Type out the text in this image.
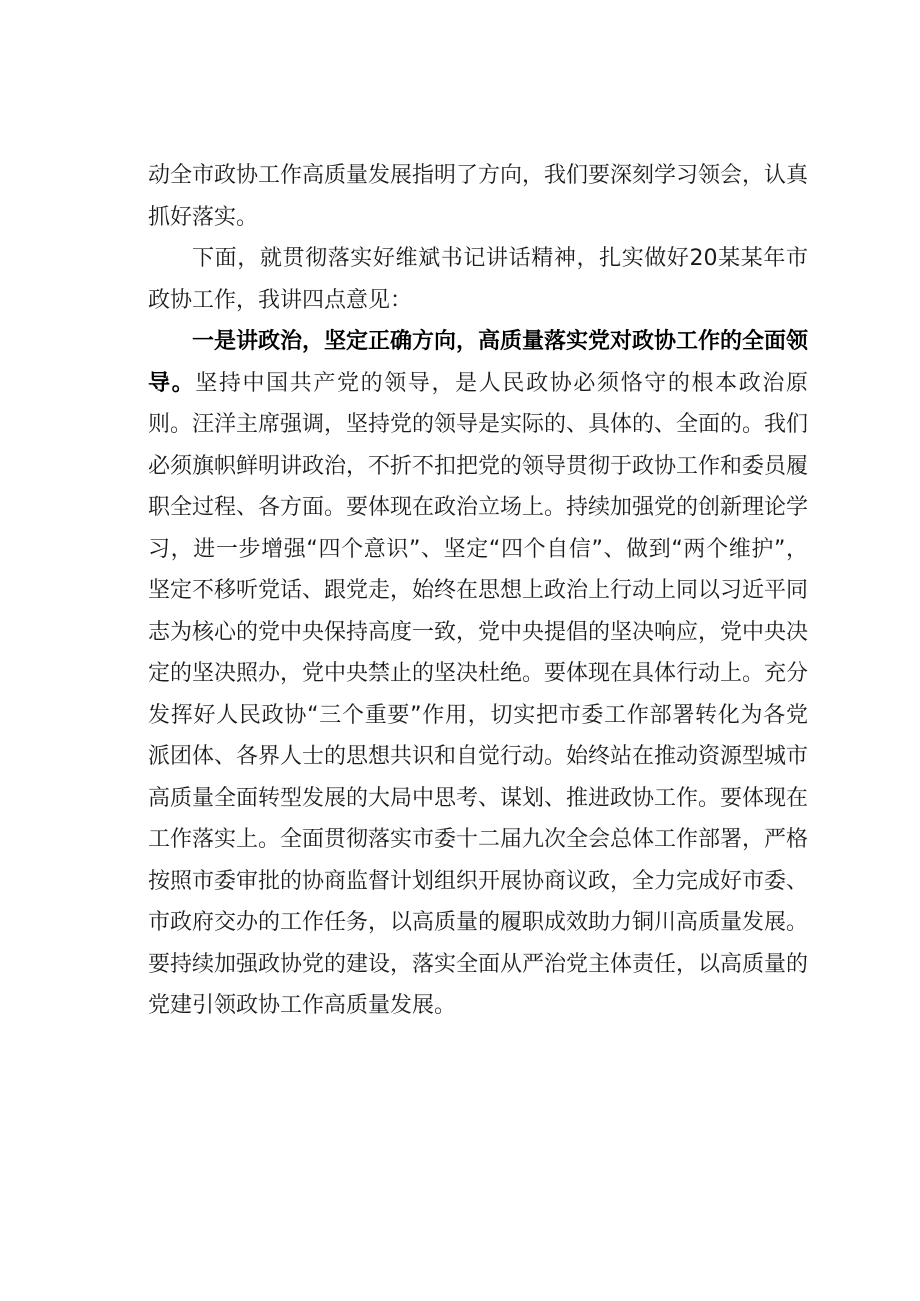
动全市政协工作高质量发展指明了方向，我们要深刻学习领会，认真抓好落实。

下面，就贯彻落实好维斌书记讲话精神，扎实做好20某某年市政协工作，我讲四点意见：

一是讲政治，坚定正确方向，高质量落实党对政协工作的全面领导。坚持中国共产党的领导，是人民政协必须恪守的根本政治原则。汪洋主席强调，坚持党的领导是实际的、具体的、全面的。我们必须旗帜鲜明讲政治，不折不扣把党的领导贯彻于政协工作和委员履职全过程、各方面。要体现在政治立场上。持续加强党的创新理论学习，进一步增强“四个意识”、坚定“四个自信”、做到“两个维护”，坚定不移听党话、跟党走，始终在思想上政治上行动上同以习近平同志为核心的党中央保持高度一致，党中央提倡的坚决响应，党中央决定的坚决照办，党中央禁止的坚决杜绝。要体现在具体行动上。充分发挥好人民政协“三个重要”作用，切实把市委工作部署转化为各党派团体、各界人士的思想共识和自觉行动。始终站在推动资源型城市高质量全面转型发展的大局中思考、谋划、推进政协工作。要体现在工作落实上。全面贯彻落实市委十二届九次全会总体工作部署，严格按照市委审批的协商监督计划组织开展协商议政，全力完成好市委、市政府交办的工作任务，以高质量的履职成效助力铜川高质量发展。要持续加强政协党的建设，落实全面从严治党主体责任，以高质量的党建引领政协工作高质量发展。
